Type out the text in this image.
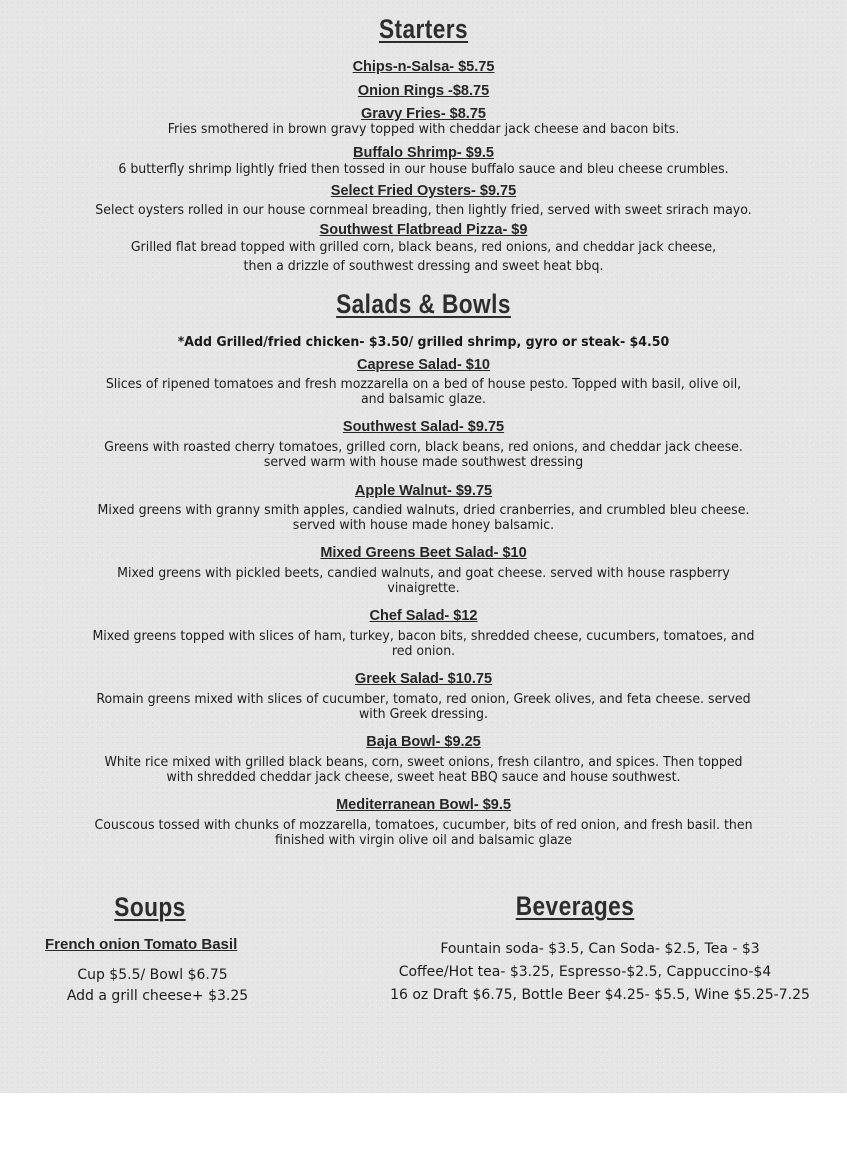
Starters
Chips-n-Salsa- $5.75
Onion Rings -$8.75
Gravy Fries- $8.75
Fries smothered in brown gravy topped with cheddar jack cheese and bacon bits.
Buffalo Shrimp- $9.5
6 butterfly shrimp lightly fried then tossed in our house buffalo sauce and bleu cheese crumbles.
Select Fried Oysters- $9.75
Select oysters rolled in our house cornmeal breading, then lightly fried, served with sweet srirach mayo.
Southwest Flatbread Pizza- $9
Grilled flat bread topped with grilled corn, black beans, red onions, and cheddar jack cheese,
then a drizzle of southwest dressing and sweet heat bbq.
Salads & Bowls
*Add Grilled/fried chicken- $3.50/ grilled shrimp, gyro or steak- $4.50
Caprese Salad- $10
Slices of ripened tomatoes and fresh mozzarella on a bed of house pesto. Topped with basil, olive oil,
and balsamic glaze.
Southwest Salad- $9.75
Greens with roasted cherry tomatoes, grilled corn, black beans, red onions, and cheddar jack cheese.
served warm with house made southwest dressing
Apple Walnut- $9.75
Mixed greens with granny smith apples, candied walnuts, dried cranberries, and crumbled bleu cheese.
served with house made honey balsamic.
Mixed Greens Beet Salad- $10
Mixed greens with pickled beets, candied walnuts, and goat cheese. served with house raspberry
vinaigrette.
Chef Salad- $12
Mixed greens topped with slices of ham, turkey, bacon bits, shredded cheese, cucumbers, tomatoes, and
red onion.
Greek Salad- $10.75
Romain greens mixed with slices of cucumber, tomato, red onion, Greek olives, and feta cheese. served
with Greek dressing.
Baja Bowl- $9.25
White rice mixed with grilled black beans, corn, sweet onions, fresh cilantro, and spices. Then topped
with shredded cheddar jack cheese, sweet heat BBQ sauce and house southwest.
Mediterranean Bowl- $9.5
Couscous tossed with chunks of mozzarella, tomatoes, cucumber, bits of red onion, and fresh basil. then
finished with virgin olive oil and balsamic glaze
Soups
French onion Tomato Basil
Cup $5.5/ Bowl $6.75
Add a grill cheese+ $3.25
Beverages
Fountain soda- $3.5, Can Soda- $2.5, Tea - $3
Coffee/Hot tea- $3.25, Espresso-$2.5, Cappuccino-$4
16 oz Draft $6.75, Bottle Beer $4.25- $5.5, Wine $5.25-7.25
